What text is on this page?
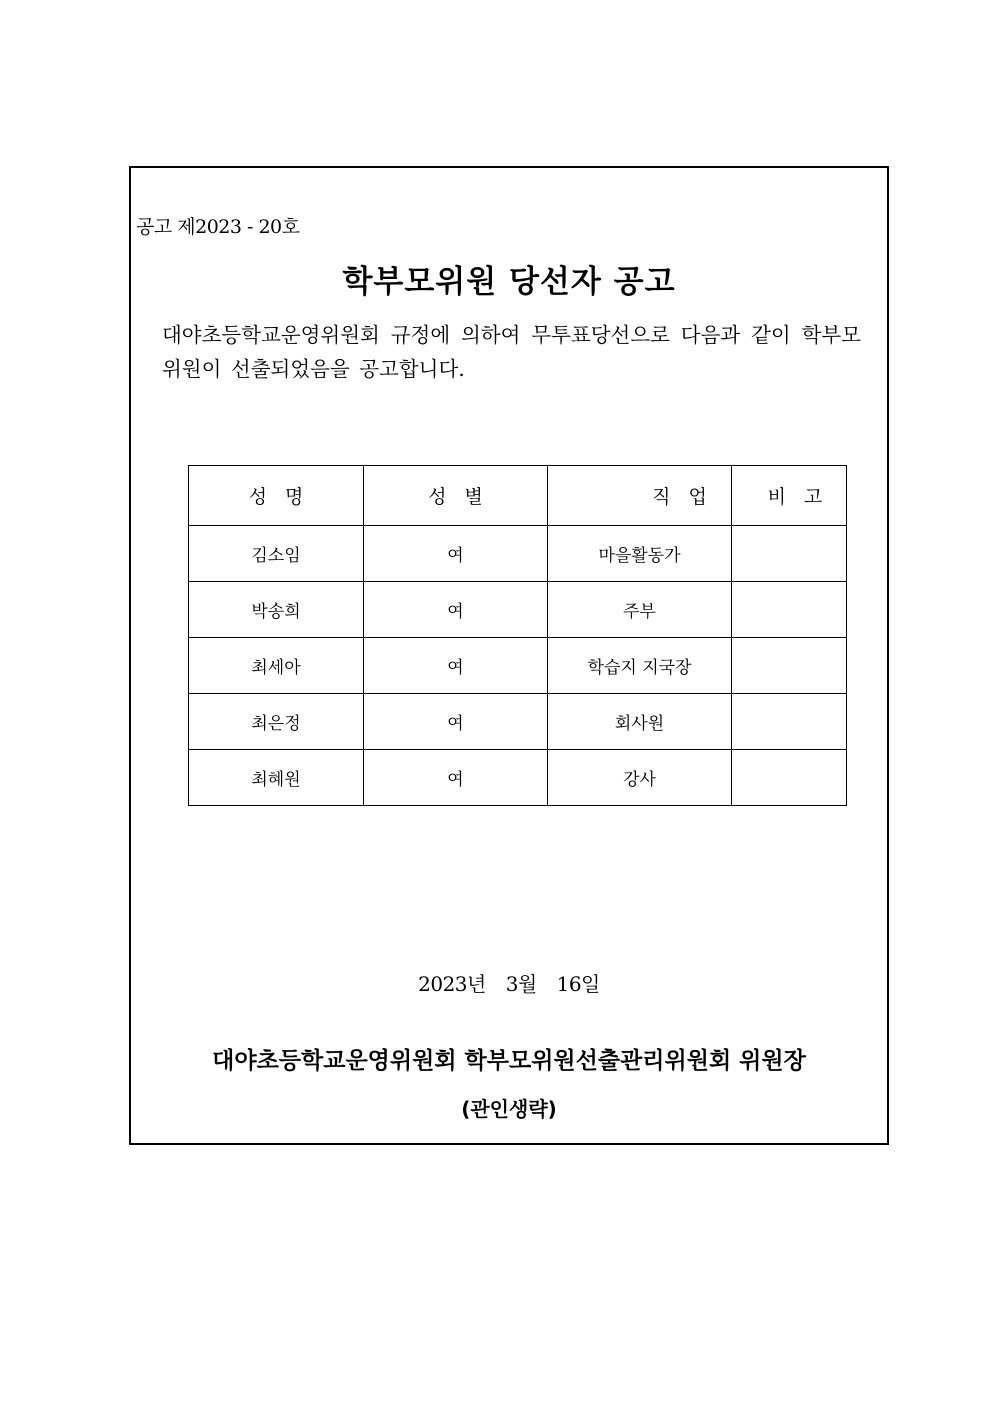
공고 제2023 - 20호
학부모위원 당선자 공고
대야초등학교운영위원회 규정에 의하여 무투표당선으로 다음과 같이 학부모위원이 선출되었음을 공고합니다.
성명	성별	직업	비고
김소임	여	마을활동가	
박송희	여	주부	
최세아	여	학습지 지국장	
최은정	여	회사원	
최혜원	여	강사	
2023년 3월 16일
대야초등학교운영위원회 학부모위원선출관리위원회 위원장
(관인생략)
